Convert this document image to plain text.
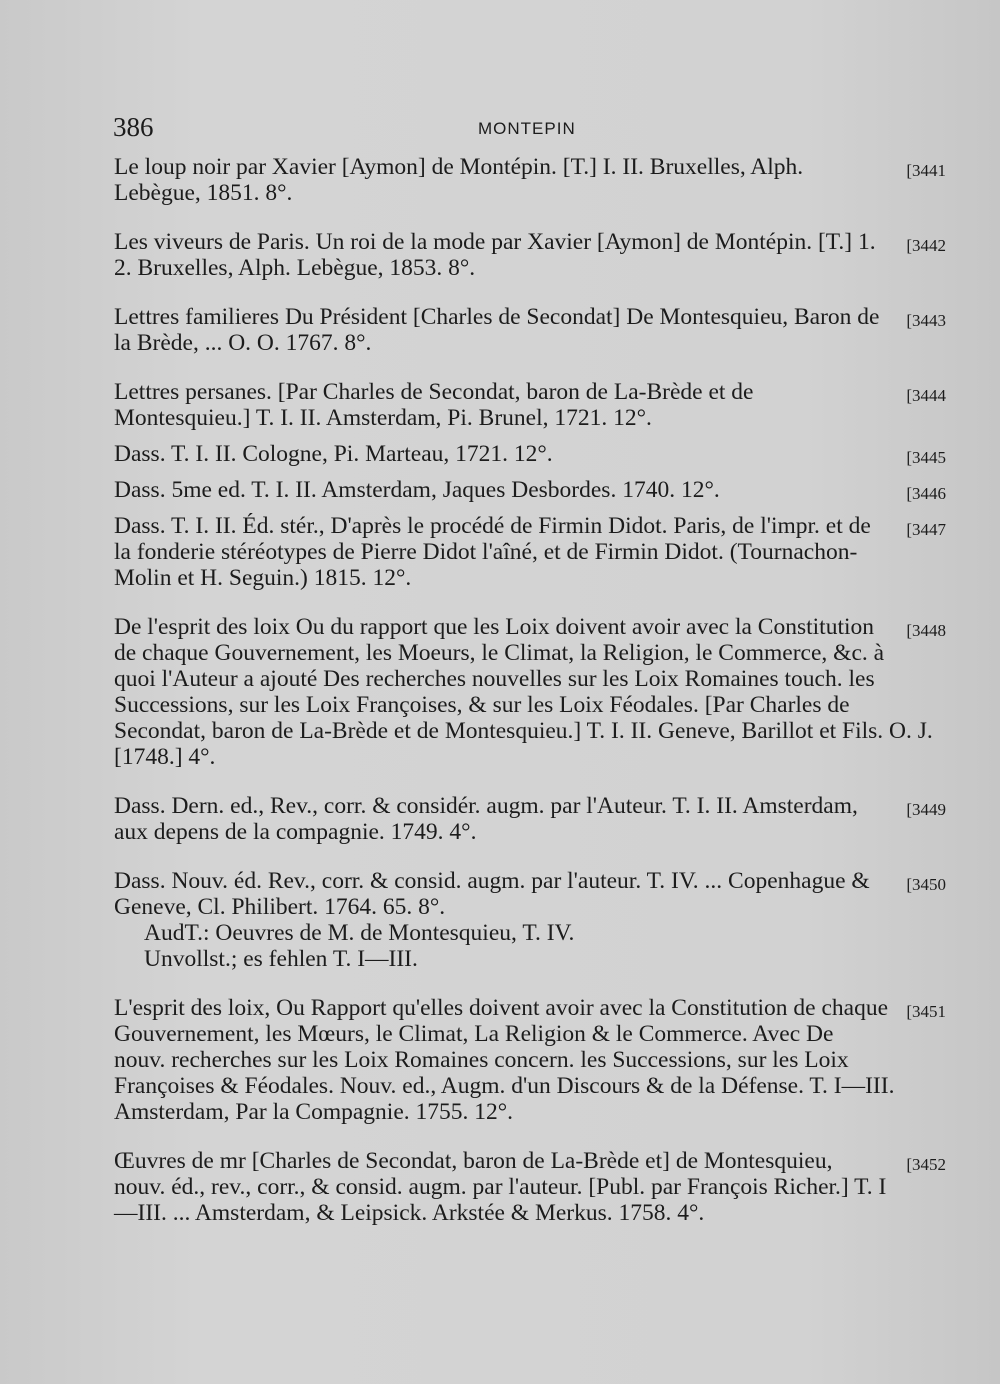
386	MONTEPIN
[3441
Le loup noir par Xavier [Aymon] de Montépin. [T.] I. II. Bruxelles, Alph. Lebègue, 1851. 8°.
[3442
Les viveurs de Paris. Un roi de la mode par Xavier [Aymon] de Montépin. [T.] 1. 2. Bruxelles, Alph. Lebègue, 1853. 8°.
[3443
Lettres familieres Du Président [Charles de Secondat] De Montesquieu, Baron de la Brède, ... O. O. 1767. 8°.
[3444
Lettres persanes. [Par Charles de Secondat, baron de La-Brède et de Montesquieu.] T. I. II. Amsterdam, Pi. Brunel, 1721. 12°.
[3445
Dass. T. I. II. Cologne, Pi. Marteau, 1721. 12°.
[3446
Dass. 5me ed. T. I. II. Amsterdam, Jaques Desbordes. 1740. 12°.
[3447
Dass. T. I. II. Éd. stér., D'après le procédé de Firmin Didot. Paris, de l'impr. et de la fonderie stéréotypes de Pierre Didot l'aîné, et de Firmin Didot. (Tournachon-Molin et H. Seguin.) 1815. 12°.
[3448
De l'esprit des loix Ou du rapport que les Loix doivent avoir avec la Constitution de chaque Gouvernement, les Moeurs, le Climat, la Religion, le Commerce, &c. à quoi l'Auteur a ajouté Des recherches nouvelles sur les Loix Romaines touch. les Successions, sur les Loix Françoises, & sur les Loix Féodales. [Par Charles de Secondat, baron de La-Brède et de Montesquieu.] T. I. II. Geneve, Barillot et Fils. O. J. [1748.] 4°.
[3449
Dass. Dern. ed., Rev., corr. & considér. augm. par l'Auteur. T. I. II. Amsterdam, aux depens de la compagnie. 1749. 4°.
[3450
Dass. Nouv. éd. Rev., corr. & consid. augm. par l'auteur. T. IV. ... Copenhague & Geneve, Cl. Philibert. 1764. 65. 8°.
AudT.: Oeuvres de M. de Montesquieu, T. IV.
Unvollst.; es fehlen T. I—III.
[3451
L'esprit des loix, Ou Rapport qu'elles doivent avoir avec la Constitution de chaque Gouvernement, les Mœurs, le Climat, La Religion & le Commerce. Avec De nouv. recherches sur les Loix Romaines concern. les Successions, sur les Loix Françoises & Féodales. Nouv. ed., Augm. d'un Discours & de la Défense. T. I—III. Amsterdam, Par la Compagnie. 1755. 12°.
[3452
Œuvres de mr [Charles de Secondat, baron de La-Brède et] de Montesquieu, nouv. éd., rev., corr., & consid. augm. par l'auteur. [Publ. par François Richer.] T. I—III. ... Amsterdam, & Leipsick. Arkstée & Merkus. 1758. 4°.
